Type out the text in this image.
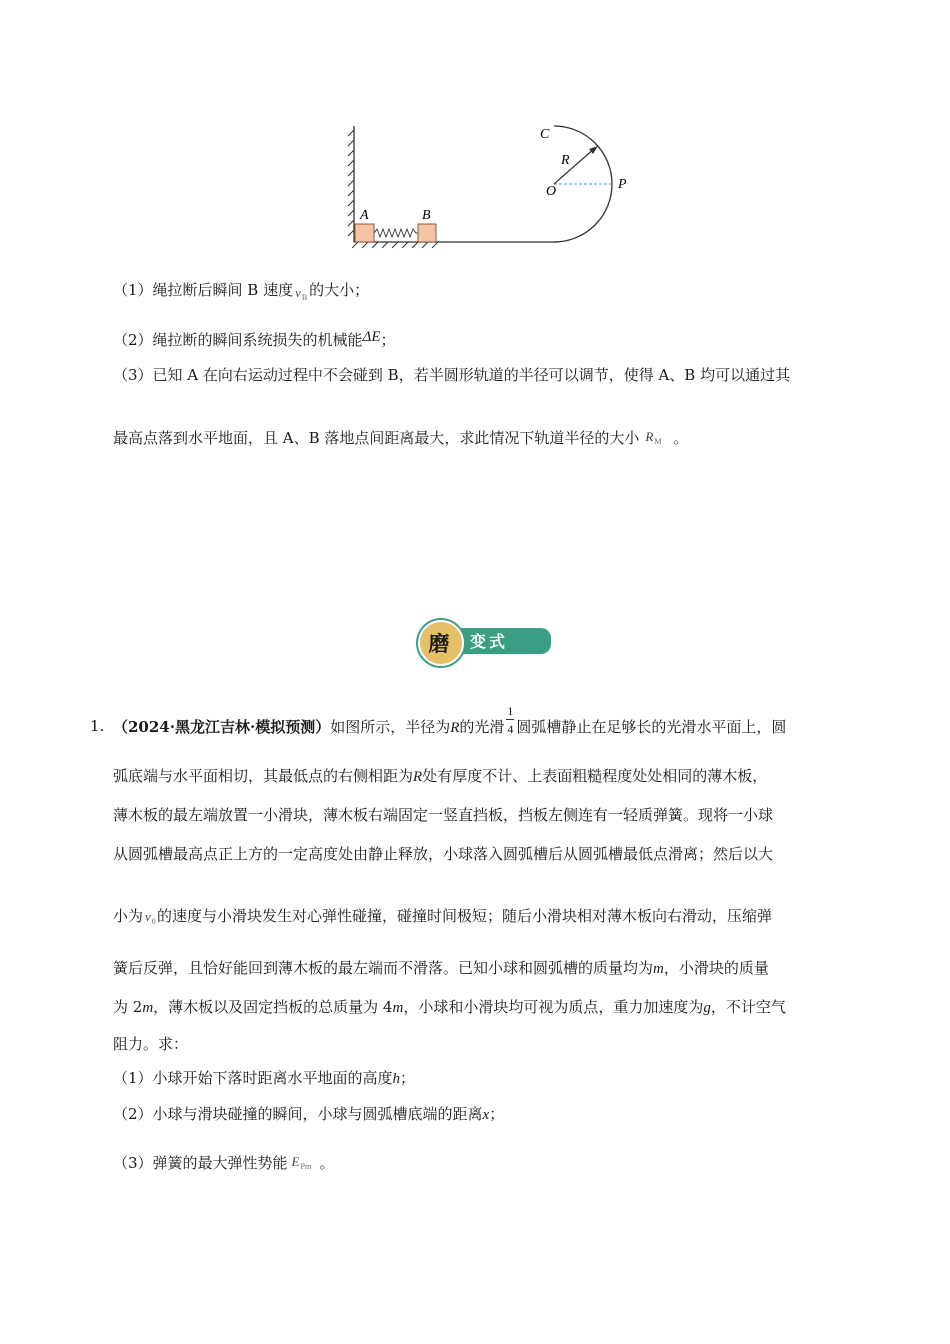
A	B
C
R
O	P
（1）绳拉断后瞬间 B 速度 $v_B$ 的大小；
（2）绳拉断的瞬间系统损失的机械能ΔE；
（3）已知 A 在向右运动过程中不会碰到 B，若半圆形轨道的半径可以调节，使得 A、B 均可以通过其
最高点落到水平地面，且 A、B 落地点间距离最大，求此情况下轨道半径的大小 $R_M$ 。
变式
磨
1. （2024·黑龙江吉林·模拟预测）如图所示，半径为R的光滑 $\frac{1}{4}$ 圆弧槽静止在足够长的光滑水平面上，圆
弧底端与水平面相切，其最低点的右侧相距为R处有厚度不计、上表面粗糙程度处处相同的薄木板，
薄木板的最左端放置一小滑块，薄木板右端固定一竖直挡板，挡板左侧连有一轻质弹簧。现将一小球
从圆弧槽最高点正上方的一定高度处由静止释放，小球落入圆弧槽后从圆弧槽最低点滑离；然后以大
小为 $v_0$ 的速度与小滑块发生对心弹性碰撞，碰撞时间极短；随后小滑块相对薄木板向右滑动，压缩弹
簧后反弹，且恰好能回到薄木板的最左端而不滑落。已知小球和圆弧槽的质量均为m，小滑块的质量
为 2m，薄木板以及固定挡板的总质量为 4m，小球和小滑块均可视为质点，重力加速度为g，不计空气
阻力。求：
（1）小球开始下落时距离水平地面的高度h；
（2）小球与滑块碰撞的瞬间，小球与圆弧槽底端的距离x；
（3）弹簧的最大弹性势能 $E_{Pm}$ 。
